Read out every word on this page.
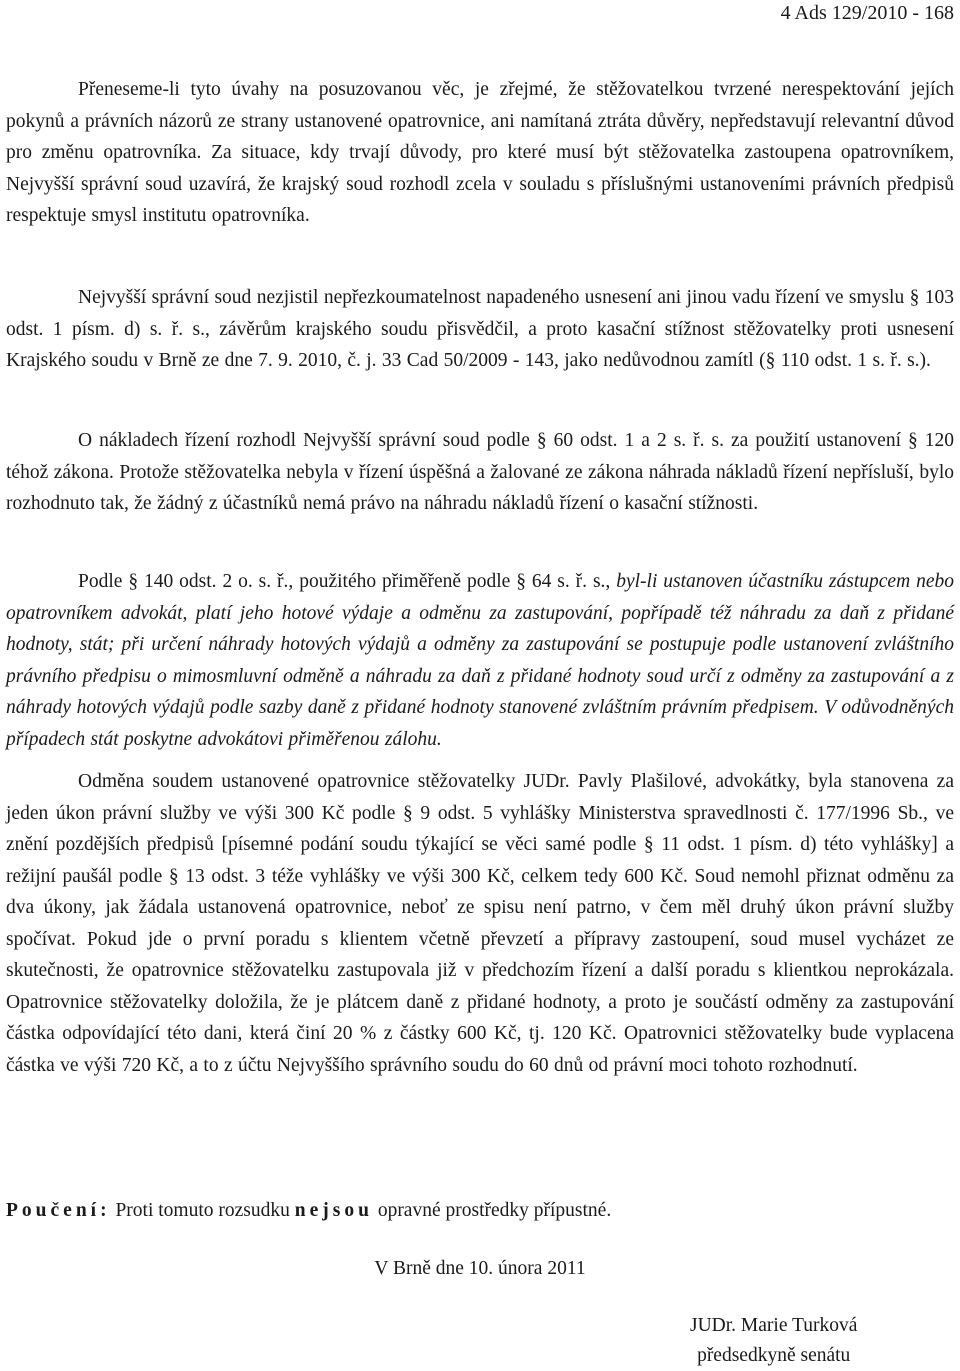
4 Ads 129/2010 - 168

Přeneseme-li tyto úvahy na posuzovanou věc, je zřejmé, že stěžovatelkou tvrzené nerespektování jejích pokynů a právních názorů ze strany ustanovené opatrovnice, ani namítaná ztráta důvěry, nepředstavují relevantní důvod pro změnu opatrovníka. Za situace, kdy trvají důvody, pro které musí být stěžovatelka zastoupena opatrovníkem, Nejvyšší správní soud uzavírá, že krajský soud rozhodl zcela v souladu s příslušnými ustanoveními právních předpisů respektuje smysl institutu opatrovníka.

Nejvyšší správní soud nezjistil nepřezkoumatelnost napadeného usnesení ani jinou vadu řízení ve smyslu § 103 odst. 1 písm. d) s. ř. s., závěrům krajského soudu přisvědčil, a proto kasační stížnost stěžovatelky proti usnesení Krajského soudu v Brně ze dne 7. 9. 2010, č. j. 33 Cad 50/2009 - 143, jako nedůvodnou zamítl (§ 110 odst. 1 s. ř. s.).

O nákladech řízení rozhodl Nejvyšší správní soud podle § 60 odst. 1 a 2 s. ř. s. za použití ustanovení § 120 téhož zákona. Protože stěžovatelka nebyla v řízení úspěšná a žalované ze zákona náhrada nákladů řízení nepřísluší, bylo rozhodnuto tak, že žádný z účastníků nemá právo na náhradu nákladů řízení o kasační stížnosti.

Podle § 140 odst. 2 o. s. ř., použitého přiměřeně podle § 64 s. ř. s., byl-li ustanoven účastníku zástupcem nebo opatrovníkem advokát, platí jeho hotové výdaje a odměnu za zastupování, popřípadě též náhradu za daň z přidané hodnoty, stát; při určení náhrady hotových výdajů a odměny za zastupování se postupuje podle ustanovení zvláštního právního předpisu o mimosmluvní odměně a náhradu za daň z přidané hodnoty soud určí z odměny za zastupování a z náhrady hotových výdajů podle sazby daně z přidané hodnoty stanovené zvláštním právním předpisem. V odůvodněných případech stát poskytne advokátovi přiměřenou zálohu.

Odměna soudem ustanovené opatrovnice stěžovatelky JUDr. Pavly Plašilové, advokátky, byla stanovena za jeden úkon právní služby ve výši 300 Kč podle § 9 odst. 5 vyhlášky Ministerstva spravedlnosti č. 177/1996 Sb., ve znění pozdějších předpisů [písemné podání soudu týkající se věci samé podle § 11 odst. 1 písm. d) této vyhlášky] a režijní paušál podle § 13 odst. 3 téže vyhlášky ve výši 300 Kč, celkem tedy 600 Kč. Soud nemohl přiznat odměnu za dva úkony, jak žádala ustanovená opatrovnice, neboť ze spisu není patrno, v čem měl druhý úkon právní služby spočívat. Pokud jde o první poradu s klientem včetně převzetí a přípravy zastoupení, soud musel vycházet ze skutečnosti, že opatrovnice stěžovatelku zastupovala již v předchozím řízení a další poradu s klientkou neprokázala. Opatrovnice stěžovatelky doložila, že je plátcem daně z přidané hodnoty, a proto je součástí odměny za zastupování částka odpovídající této dani, která činí 20 % z částky 600 Kč, tj. 120 Kč. Opatrovnici stěžovatelky bude vyplacena částka ve výši 720 Kč, a to z účtu Nejvyššího správního soudu do 60 dnů od právní moci tohoto rozhodnutí.

Poučení: Proti tomuto rozsudku nejsou opravné prostředky přípustné.
V Brně dne 10. února 2011
JUDr. Marie Turková
předsedkyně senátu
